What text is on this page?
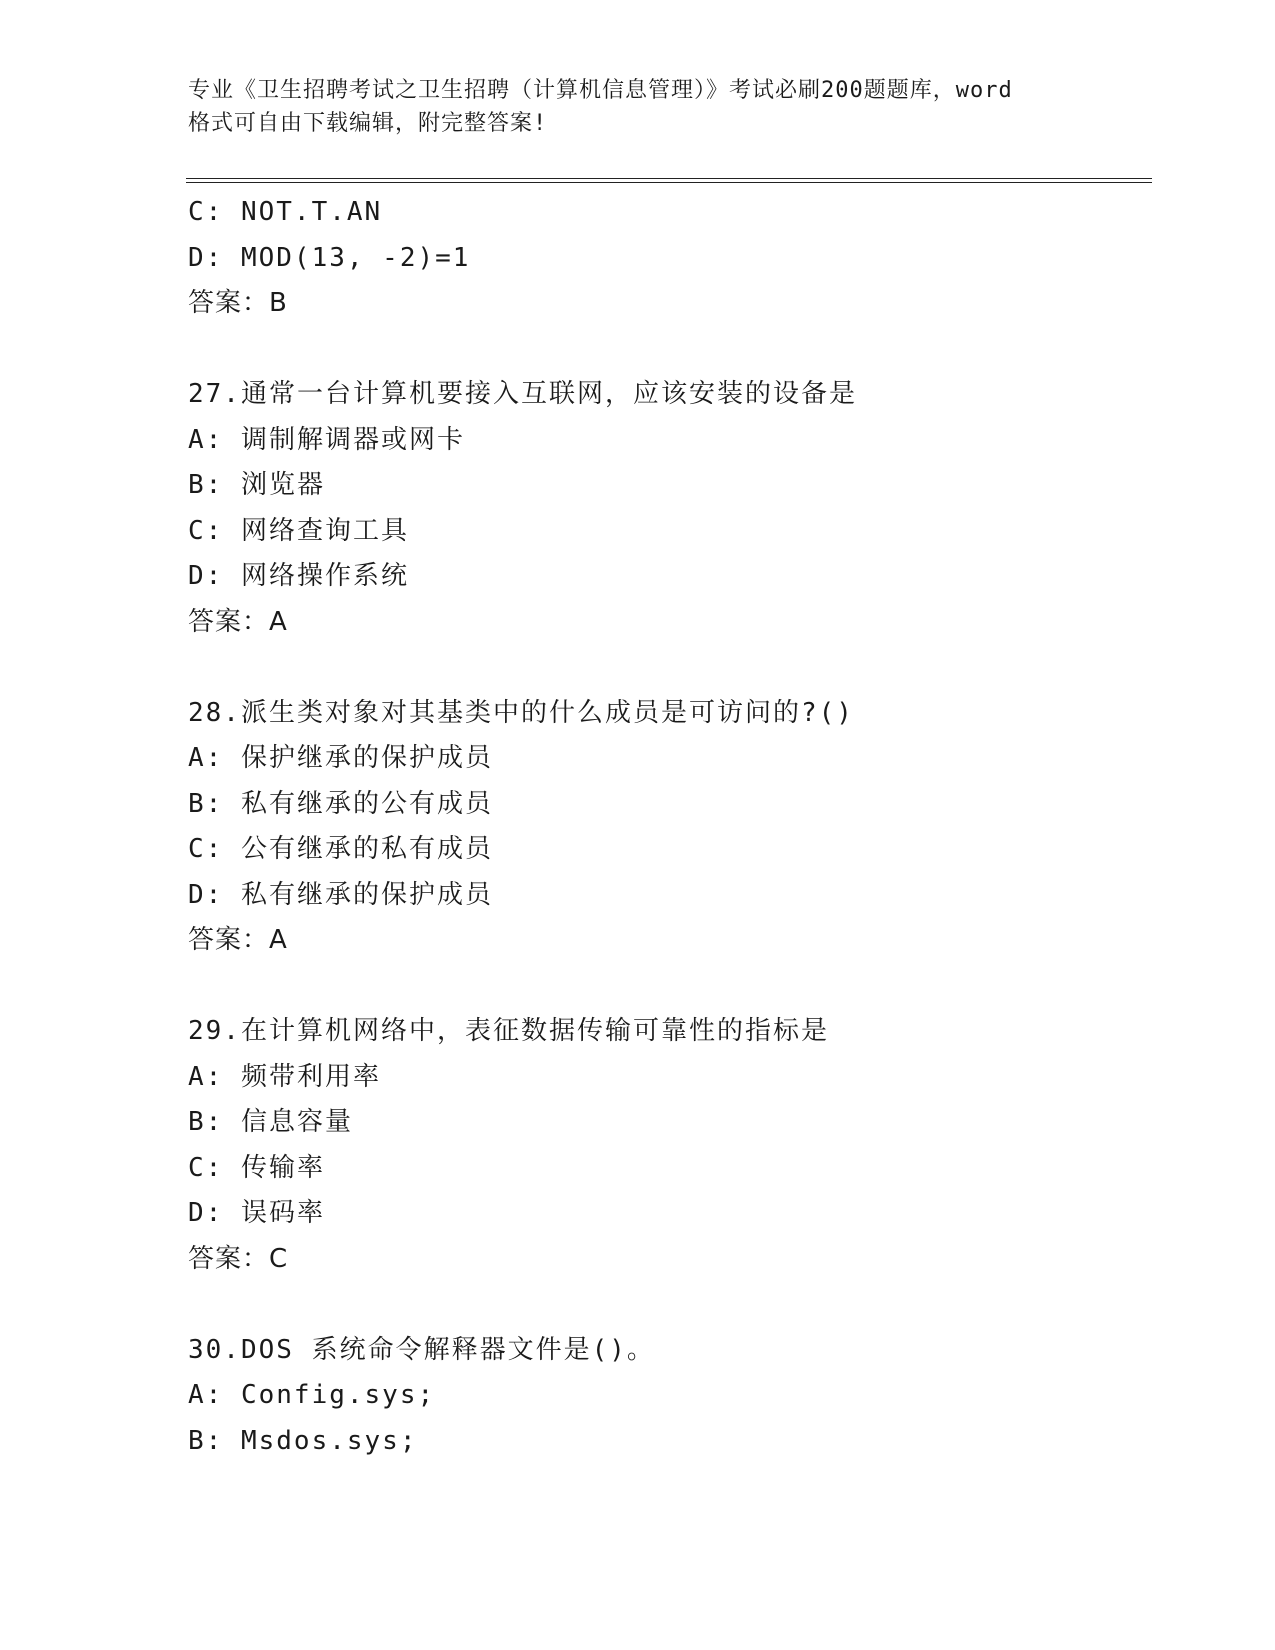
专业《卫生招聘考试之卫生招聘（计算机信息管理）》考试必刷200题题库，word
格式可自由下载编辑，附完整答案!
C: NOT.T.AN
D: MOD(13, -2)=1
答案：B
27.通常一台计算机要接入互联网，应该安装的设备是
A: 调制解调器或网卡
B: 浏览器
C: 网络查询工具
D: 网络操作系统
答案：A
28.派生类对象对其基类中的什么成员是可访问的?()
A: 保护继承的保护成员
B: 私有继承的公有成员
C: 公有继承的私有成员
D: 私有继承的保护成员
答案：A
29.在计算机网络中，表征数据传输可靠性的指标是
A: 频带利用率
B: 信息容量
C: 传输率
D: 误码率
答案：C
30.DOS 系统命令解释器文件是()。
A: Config.sys;
B: Msdos.sys;
